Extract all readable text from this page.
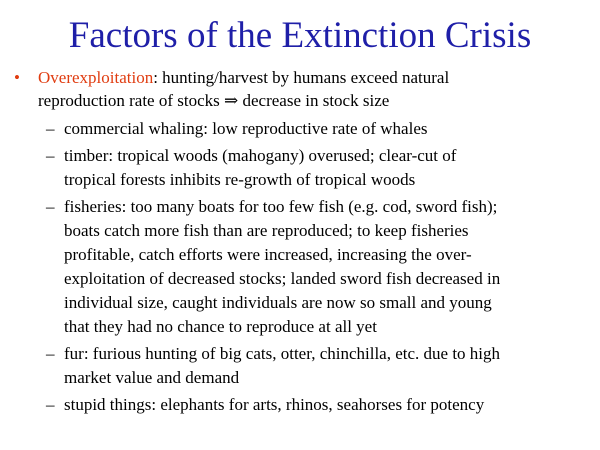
Factors of the Extinction Crisis
• Overexploitation: hunting/harvest by humans exceed natural
reproduction rate of stocks ⇒ decrease in stock size
– commercial whaling: low reproductive rate of whales
– timber: tropical woods (mahogany) overused; clear-cut of
tropical forests inhibits re-growth of tropical woods
– fisheries: too many boats for too few fish (e.g. cod, sword fish);
boats catch more fish than are reproduced; to keep fisheries
profitable, catch efforts were increased, increasing the over-
exploitation of decreased stocks; landed sword fish decreased in
individual size, caught individuals are now so small and young
that they had no chance to reproduce at all yet
– fur: furious hunting of big cats, otter, chinchilla, etc. due to high
market value and demand
– stupid things: elephants for arts, rhinos, seahorses for potency
